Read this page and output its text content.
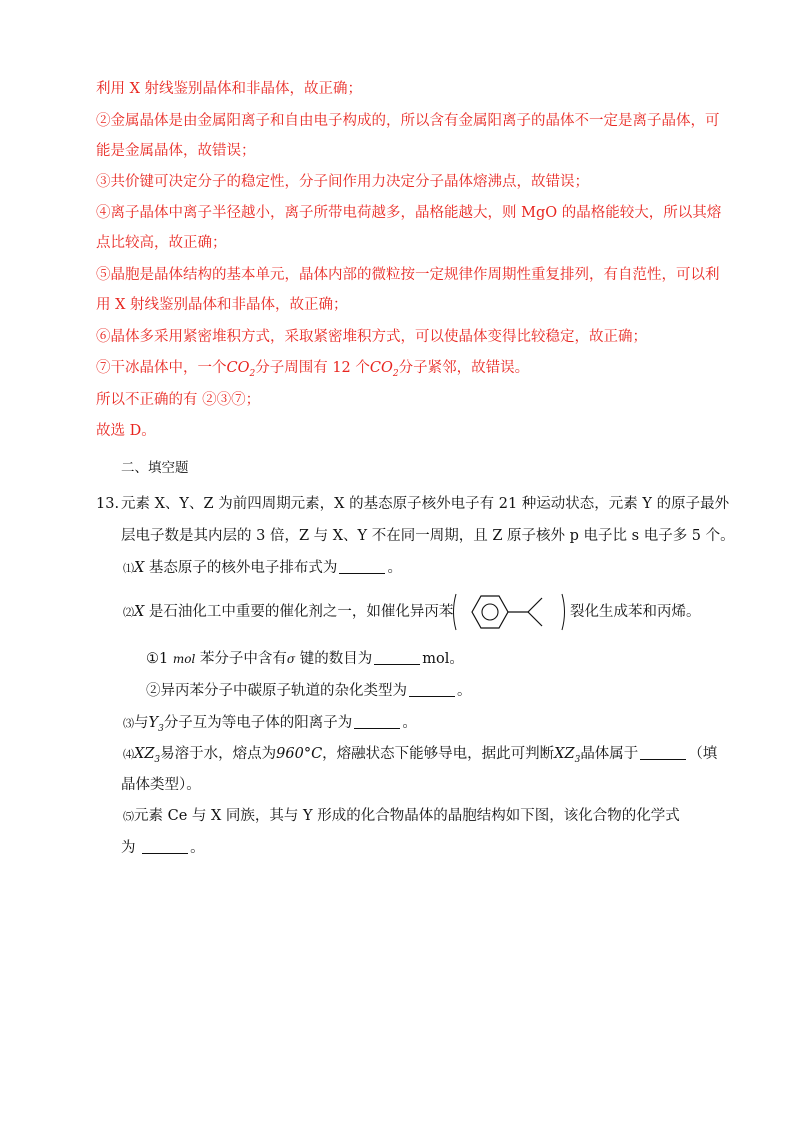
利用 X 射线鉴别晶体和非晶体，故正确；
②金属晶体是由金属阳离子和自由电子构成的，所以含有金属阳离子的晶体不一定是离子晶体，可
能是金属晶体，故错误；
③共价键可决定分子的稳定性，分子间作用力决定分子晶体熔沸点，故错误；
④离子晶体中离子半径越小，离子所带电荷越多，晶格能越大，则 MgO 的晶格能较大，所以其熔
点比较高，故正确；
⑤晶胞是晶体结构的基本单元，晶体内部的微粒按一定规律作周期性重复排列，有自范性，可以利
用 X 射线鉴别晶体和非晶体，故正确；
⑥晶体多采用紧密堆积方式，采取紧密堆积方式，可以使晶体变得比较稳定，故正确；
⑦干冰晶体中，一个$CO_2$分子周围有 12 个$CO_2$分子紧邻，故错误。
所以不正确的有 ②③⑦；
故选 D。
二、填空题
13. 元素 X、Y、Z 为前四周期元素，X 的基态原子核外电子有 21 种运动状态，元素 Y 的原子最外
层电子数是其内层的 3 倍，Z 与 X、Y 不在同一周期，且 Z 原子核外 p 电子比 s 电子多 5 个。
⑴X 基态原子的核外电子排布式为	。
⑵X 是石油化工中重要的催化剂之一，如催化异丙苯	裂化生成苯和丙烯。
①1 mol 苯分子中含有σ 键的数目为	mol。
②异丙苯分子中碳原子轨道的杂化类型为	。
⑶与$Y_3$分子互为等电子体的阳离子为	。
$⑷XZ_3$易溶于水，熔点为960°C，熔融状态下能够导电，据此可判断$XZ_3$晶体属于	（填
晶体类型）。
⑸元素 Ce 与 X 同族，其与 Y 形成的化合物晶体的晶胞结构如下图，该化合物的化学式
为	。
